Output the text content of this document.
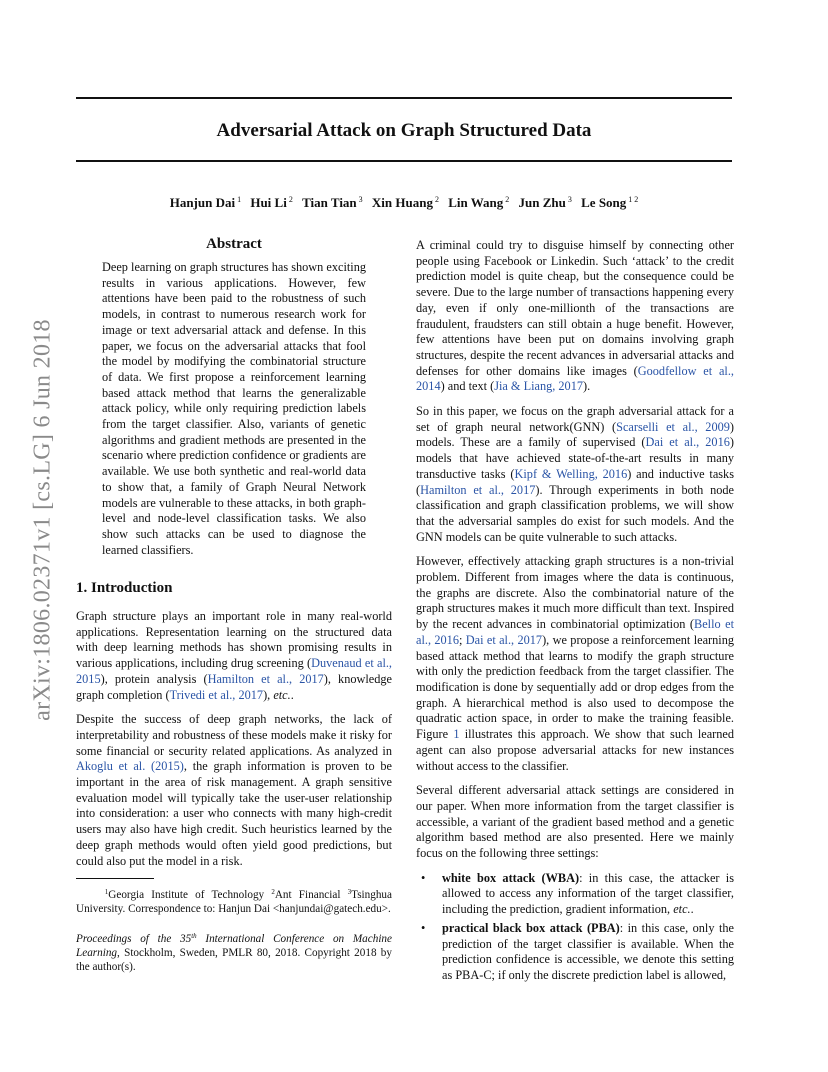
arXiv:1806.02371v1 [cs.LG] 6 Jun 2018
Adversarial Attack on Graph Structured Data
Hanjun Dai $^1$ Hui Li $^2$ Tian Tian $^3$ Xin Huang $^2$ Lin Wang $^2$ Jun Zhu $^3$ Le Song $^{1 2}$
Abstract
Deep learning on graph structures has shown exciting results in various applications. However, few attentions have been paid to the robustness of such models, in contrast to numerous research work for image or text adversarial attack and defense. In this paper, we focus on the adversarial attacks that fool the model by modifying the combinatorial structure of data. We first propose a reinforcement learning based attack method that learns the generalizable attack policy, while only requiring prediction labels from the target classifier. Also, variants of genetic algorithms and gradient methods are presented in the scenario where prediction confidence or gradients are available. We use both synthetic and real-world data to show that, a family of Graph Neural Network models are vulnerable to these attacks, in both graph-level and node-level classification tasks. We also show such attacks can be used to diagnose the learned classifiers.
1. Introduction

Graph structure plays an important role in many real-world applications. Representation learning on the structured data with deep learning methods has shown promising results in various applications, including drug screening (Duvenaud et al., 2015), protein analysis (Hamilton et al., 2017), knowledge graph completion (Trivedi et al., 2017), etc..

Despite the success of deep graph networks, the lack of interpretability and robustness of these models make it risky for some financial or security related applications. As analyzed in Akoglu et al. (2015), the graph information is proven to be important in the area of risk management. A graph sensitive evaluation model will typically take the user-user relationship into consideration: a user who connects with many high-credit users may also have high credit. Such heuristics learned by the deep graph methods would often yield good predictions, but could also put the model in a risk.

$^1$Georgia Institute of Technology $^2$Ant Financial $^3$Tsinghua University. Correspondence to: Hanjun Dai <hanjundai@gatech.edu>.

Proceedings of the 35th International Conference on Machine Learning, Stockholm, Sweden, PMLR 80, 2018. Copyright 2018 by the author(s).

A criminal could try to disguise himself by connecting other people using Facebook or Linkedin. Such ‘attack’ to the credit prediction model is quite cheap, but the consequence could be severe. Due to the large number of transactions happening every day, even if only one-millionth of the transactions are fraudulent, fraudsters can still obtain a huge benefit. However, few attentions have been put on domains involving graph structures, despite the recent advances in adversarial attacks and defenses for other domains like images (Goodfellow et al., 2014) and text (Jia & Liang, 2017).

So in this paper, we focus on the graph adversarial attack for a set of graph neural network(GNN) (Scarselli et al., 2009) models. These are a family of supervised (Dai et al., 2016) models that have achieved state-of-the-art results in many transductive tasks (Kipf & Welling, 2016) and inductive tasks (Hamilton et al., 2017). Through experiments in both node classification and graph classification problems, we will show that the adversarial samples do exist for such models. And the GNN models can be quite vulnerable to such attacks.

However, effectively attacking graph structures is a non-trivial problem. Different from images where the data is continuous, the graphs are discrete. Also the combinatorial nature of the graph structures makes it much more difficult than text. Inspired by the recent advances in combinatorial optimization (Bello et al., 2016; Dai et al., 2017), we propose a reinforcement learning based attack method that learns to modify the graph structure with only the prediction feedback from the target classifier. The modification is done by sequentially add or drop edges from the graph. A hierarchical method is also used to decompose the quadratic action space, in order to make the training feasible. Figure 1 illustrates this approach. We show that such learned agent can also propose adversarial attacks for new instances without access to the classifier.

Several different adversarial attack settings are considered in our paper. When more information from the target classifier is accessible, a variant of the gradient based method and a genetic algorithm based method are also presented. Here we mainly focus on the following three settings:

• white box attack (WBA): in this case, the attacker is allowed to access any information of the target classifier, including the prediction, gradient information, etc..
• practical black box attack (PBA): in this case, only the prediction of the target classifier is available. When the prediction confidence is accessible, we denote this setting as PBA-C; if only the discrete prediction label is allowed,
